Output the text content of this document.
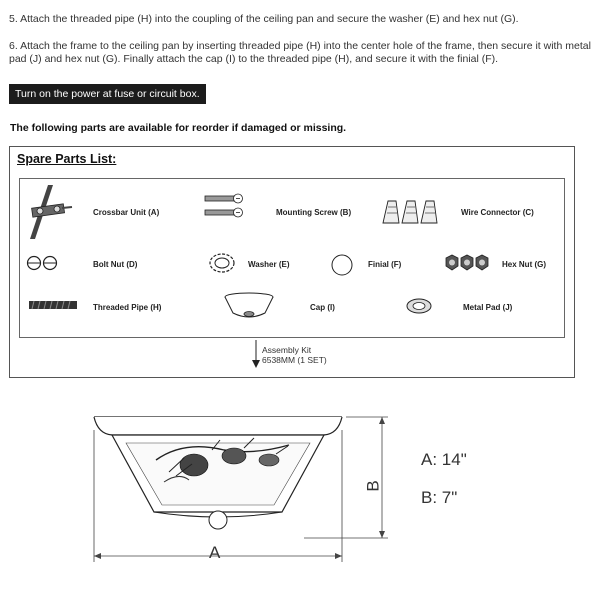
5. Attach the threaded pipe (H) into the coupling of the ceiling pan and secure the washer (E) and hex nut (G).
6. Attach the frame to the ceiling pan by inserting threaded pipe (H) into the center hole of the frame, then secure it with metal pad (J) and hex nut (G). Finally attach the cap (I) to the threaded pipe (H), and secure it with the finial (F).
Turn on the power at fuse or circuit box.
The following parts are available for reorder if damaged or missing.
Spare Parts List:
Crossbar Unit (A)	Mounting Screw (B)	Wire Connector (C)
Bolt Nut (D)	Washer (E)	Finial (F)	Hex Nut (G)
Threaded Pipe (H)	Cap (I)	Metal Pad (J)
Assembly Kit
6538MM (1 SET)
A
B
A: 14"
B: 7"
